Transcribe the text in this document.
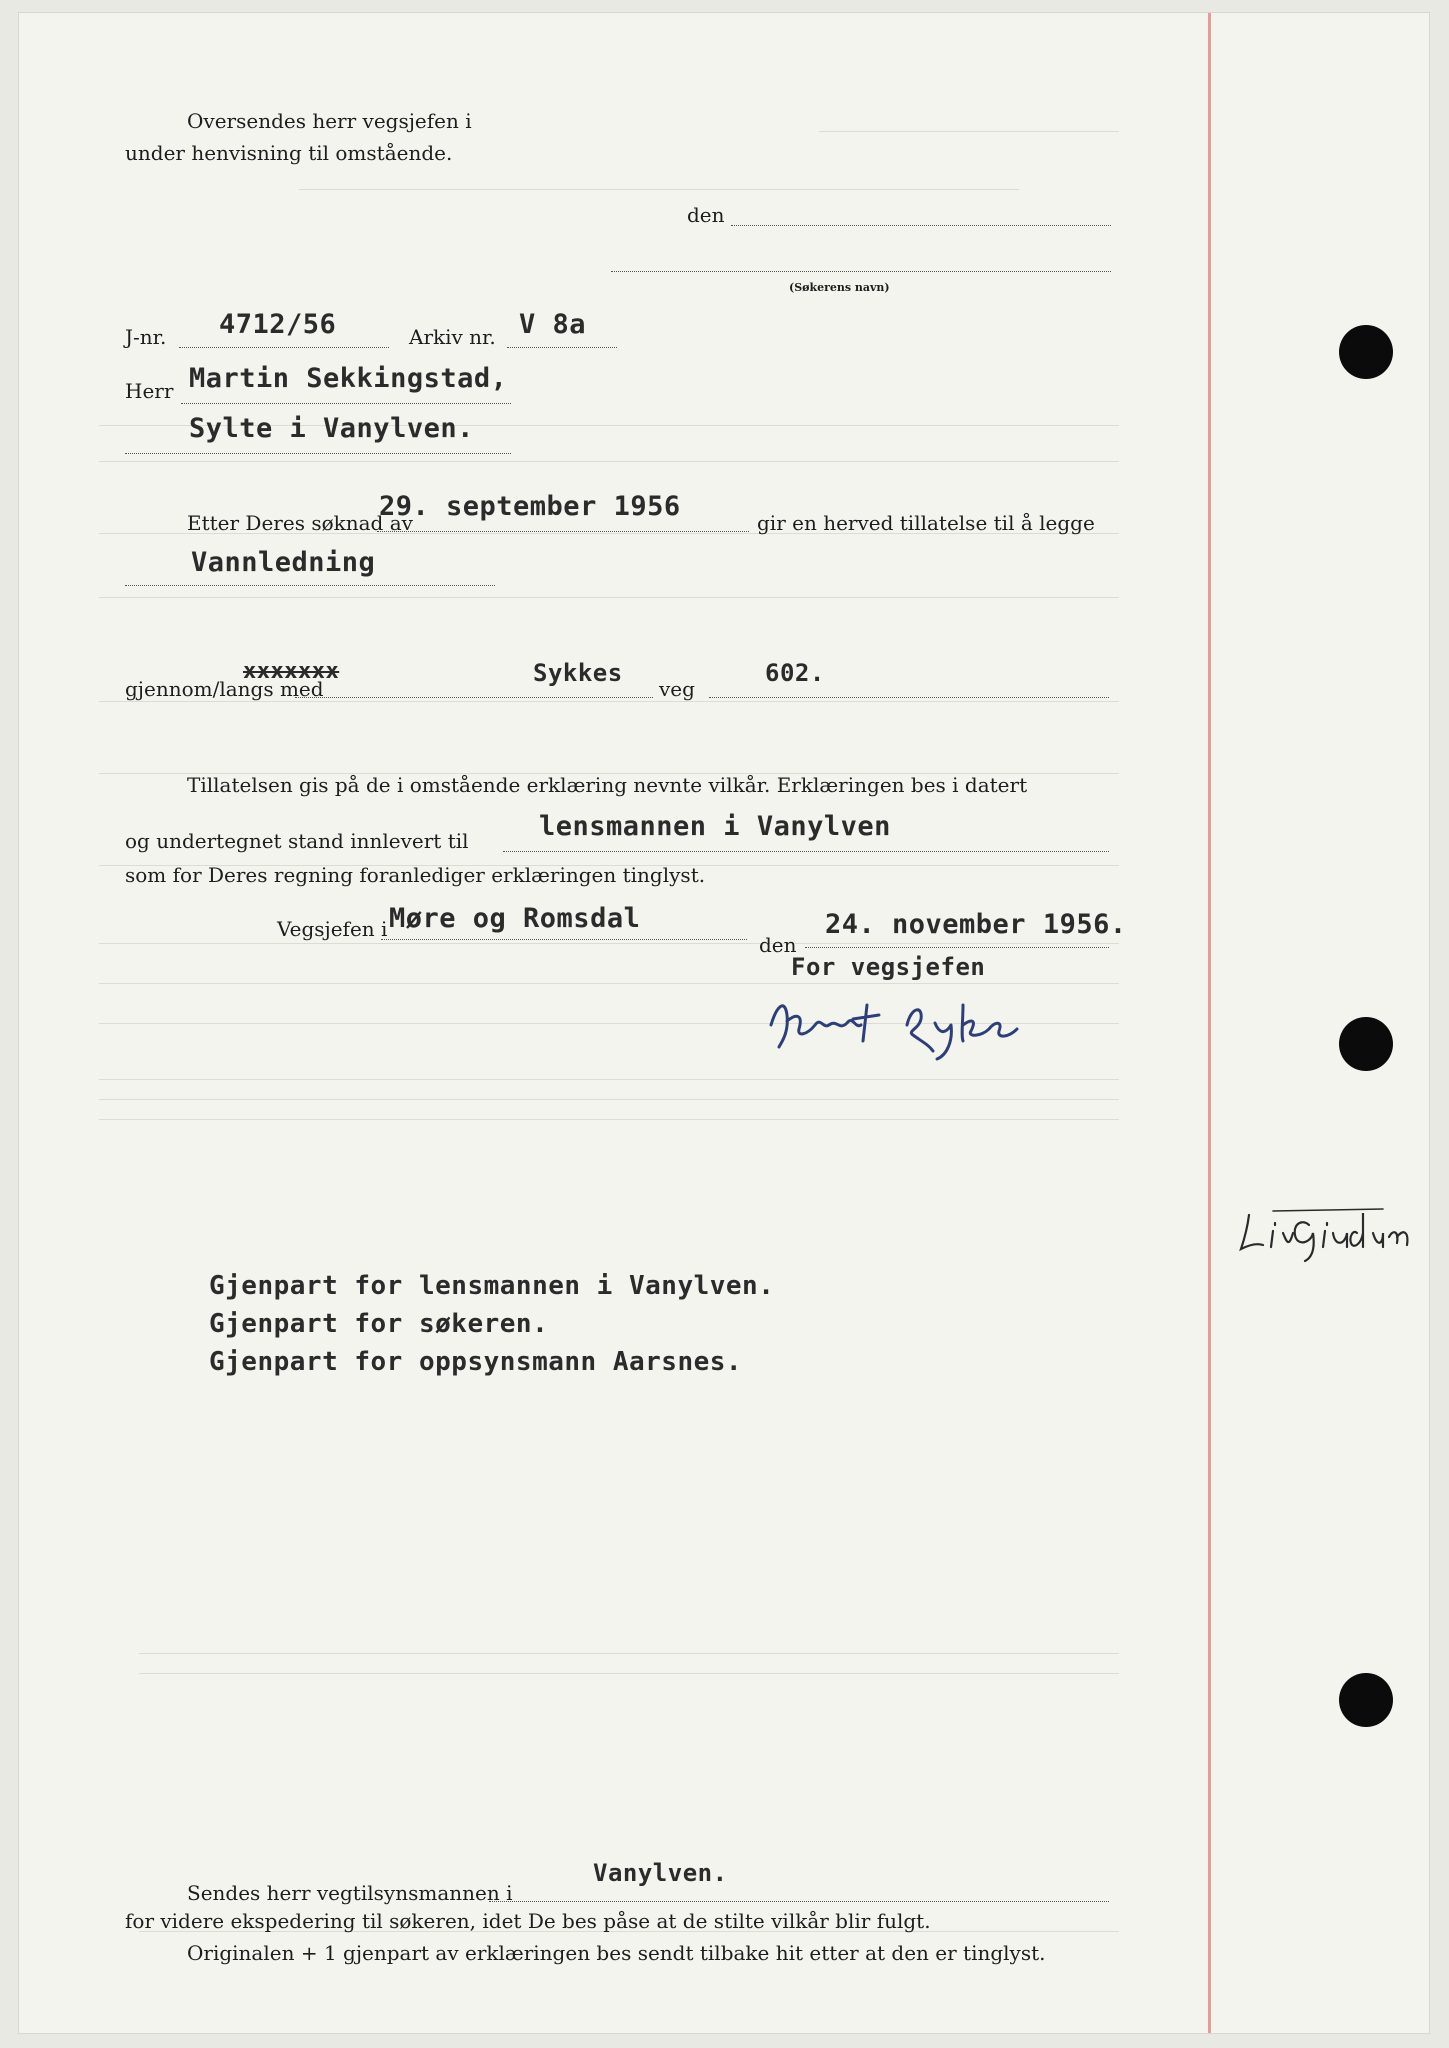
Oversendes herr vegsjefen i
under henvisning til omstående.
den
(Søkerens navn)
J-nr. 4712/56	Arkiv nr. V 8a
Herr Martin Sekkingstad,
Sylte i Vanylven.
Etter Deres søknad av
29. september 1956
gir en herved tillatelse til å legge
Vannledning
gjennom/langs med
xxxxxxx	Sykkes
veg
602.
Tillatelsen gis på de i omstående erklæring nevnte vilkår. Erklæringen bes i datert
og undertegnet stand innlevert til	lensmannen i Vanylven
som for Deres regning foranlediger erklæringen tinglyst.
Vegsjefen i Møre og Romsdal
den
24. november 1956.
For vegsjefen
Gjenpart for lensmannen i Vanylven.
Gjenpart for søkeren.
Gjenpart for oppsynsmann Aarsnes.
Sendes herr vegtilsynsmannen i
Vanylven.
for videre ekspedering til søkeren, idet De bes påse at de stilte vilkår blir fulgt.
Originalen + 1 gjenpart av erklæringen bes sendt tilbake hit etter at den er tinglyst.
